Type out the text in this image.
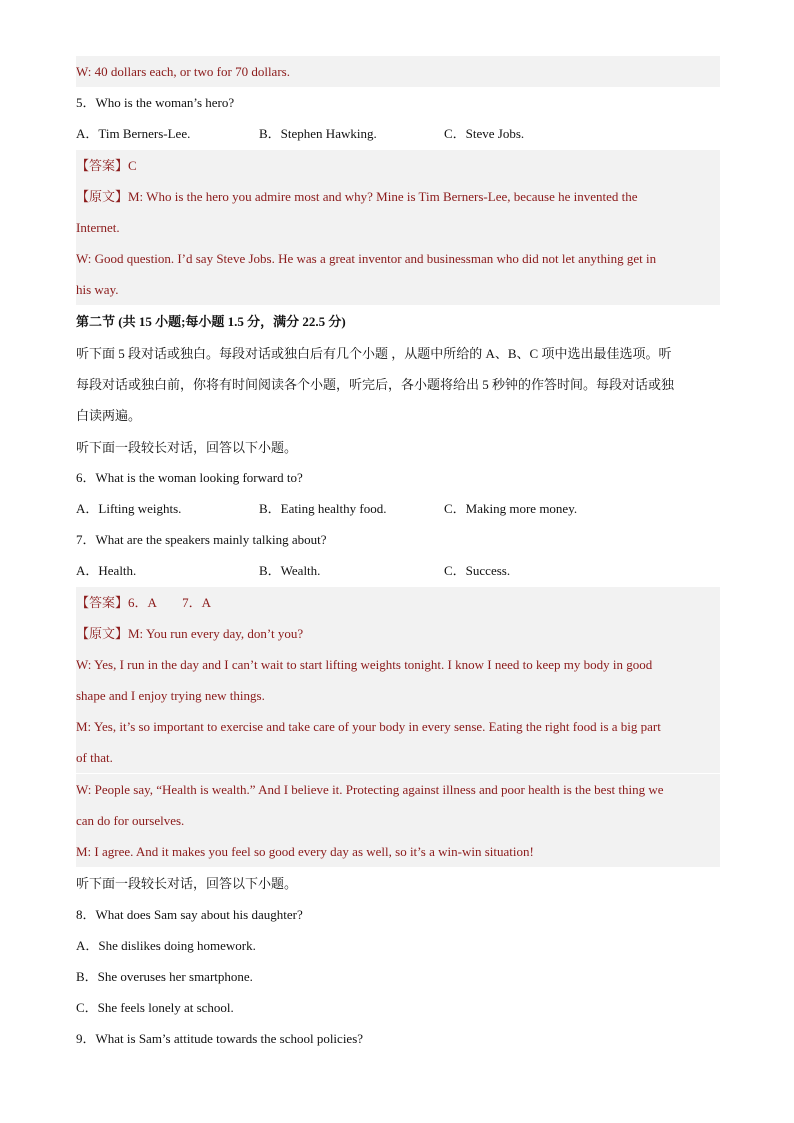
W: 40 dollars each, or two for 70 dollars.
5．Who is the woman’s hero?
A．Tim Berners-Lee.	B．Stephen Hawking.	C．Steve Jobs.
【答案】C
【原文】M: Who is the hero you admire most and why? Mine is Tim Berners-Lee, because he invented the
Internet.
W: Good question. I’d say Steve Jobs. He was a great inventor and businessman who did not let anything get in
his way.
第二节 (共 15 小题;每小题 1.5 分，满分 22.5 分)
听下面 5 段对话或独白。每段对话或独白后有几个小题 ，从题中所给的 A、B、C 项中选出最佳选项。听
每段对话或独白前，你将有时间阅读各个小题，听完后，各小题将给出 5 秒钟的作答时间。每段对话或独
白读两遍。
听下面一段较长对话，回答以下小题。
6．What is the woman looking forward to?
A．Lifting weights.	B．Eating healthy food.	C．Making more money.
7．What are the speakers mainly talking about?
A．Health.	B．Wealth.	C．Success.
【答案】6．A　　7．A
【原文】M: You run every day, don’t you?
W: Yes, I run in the day and I can’t wait to start lifting weights tonight. I know I need to keep my body in good
shape and I enjoy trying new things.
M: Yes, it’s so important to exercise and take care of your body in every sense. Eating the right food is a big part
of that.
W: People say, “Health is wealth.” And I believe it. Protecting against illness and poor health is the best thing we
can do for ourselves.
M: I agree. And it makes you feel so good every day as well, so it’s a win-win situation!
听下面一段较长对话，回答以下小题。
8．What does Sam say about his daughter?
A．She dislikes doing homework.
B．She overuses her smartphone.
C．She feels lonely at school.
9．What is Sam’s attitude towards the school policies?
